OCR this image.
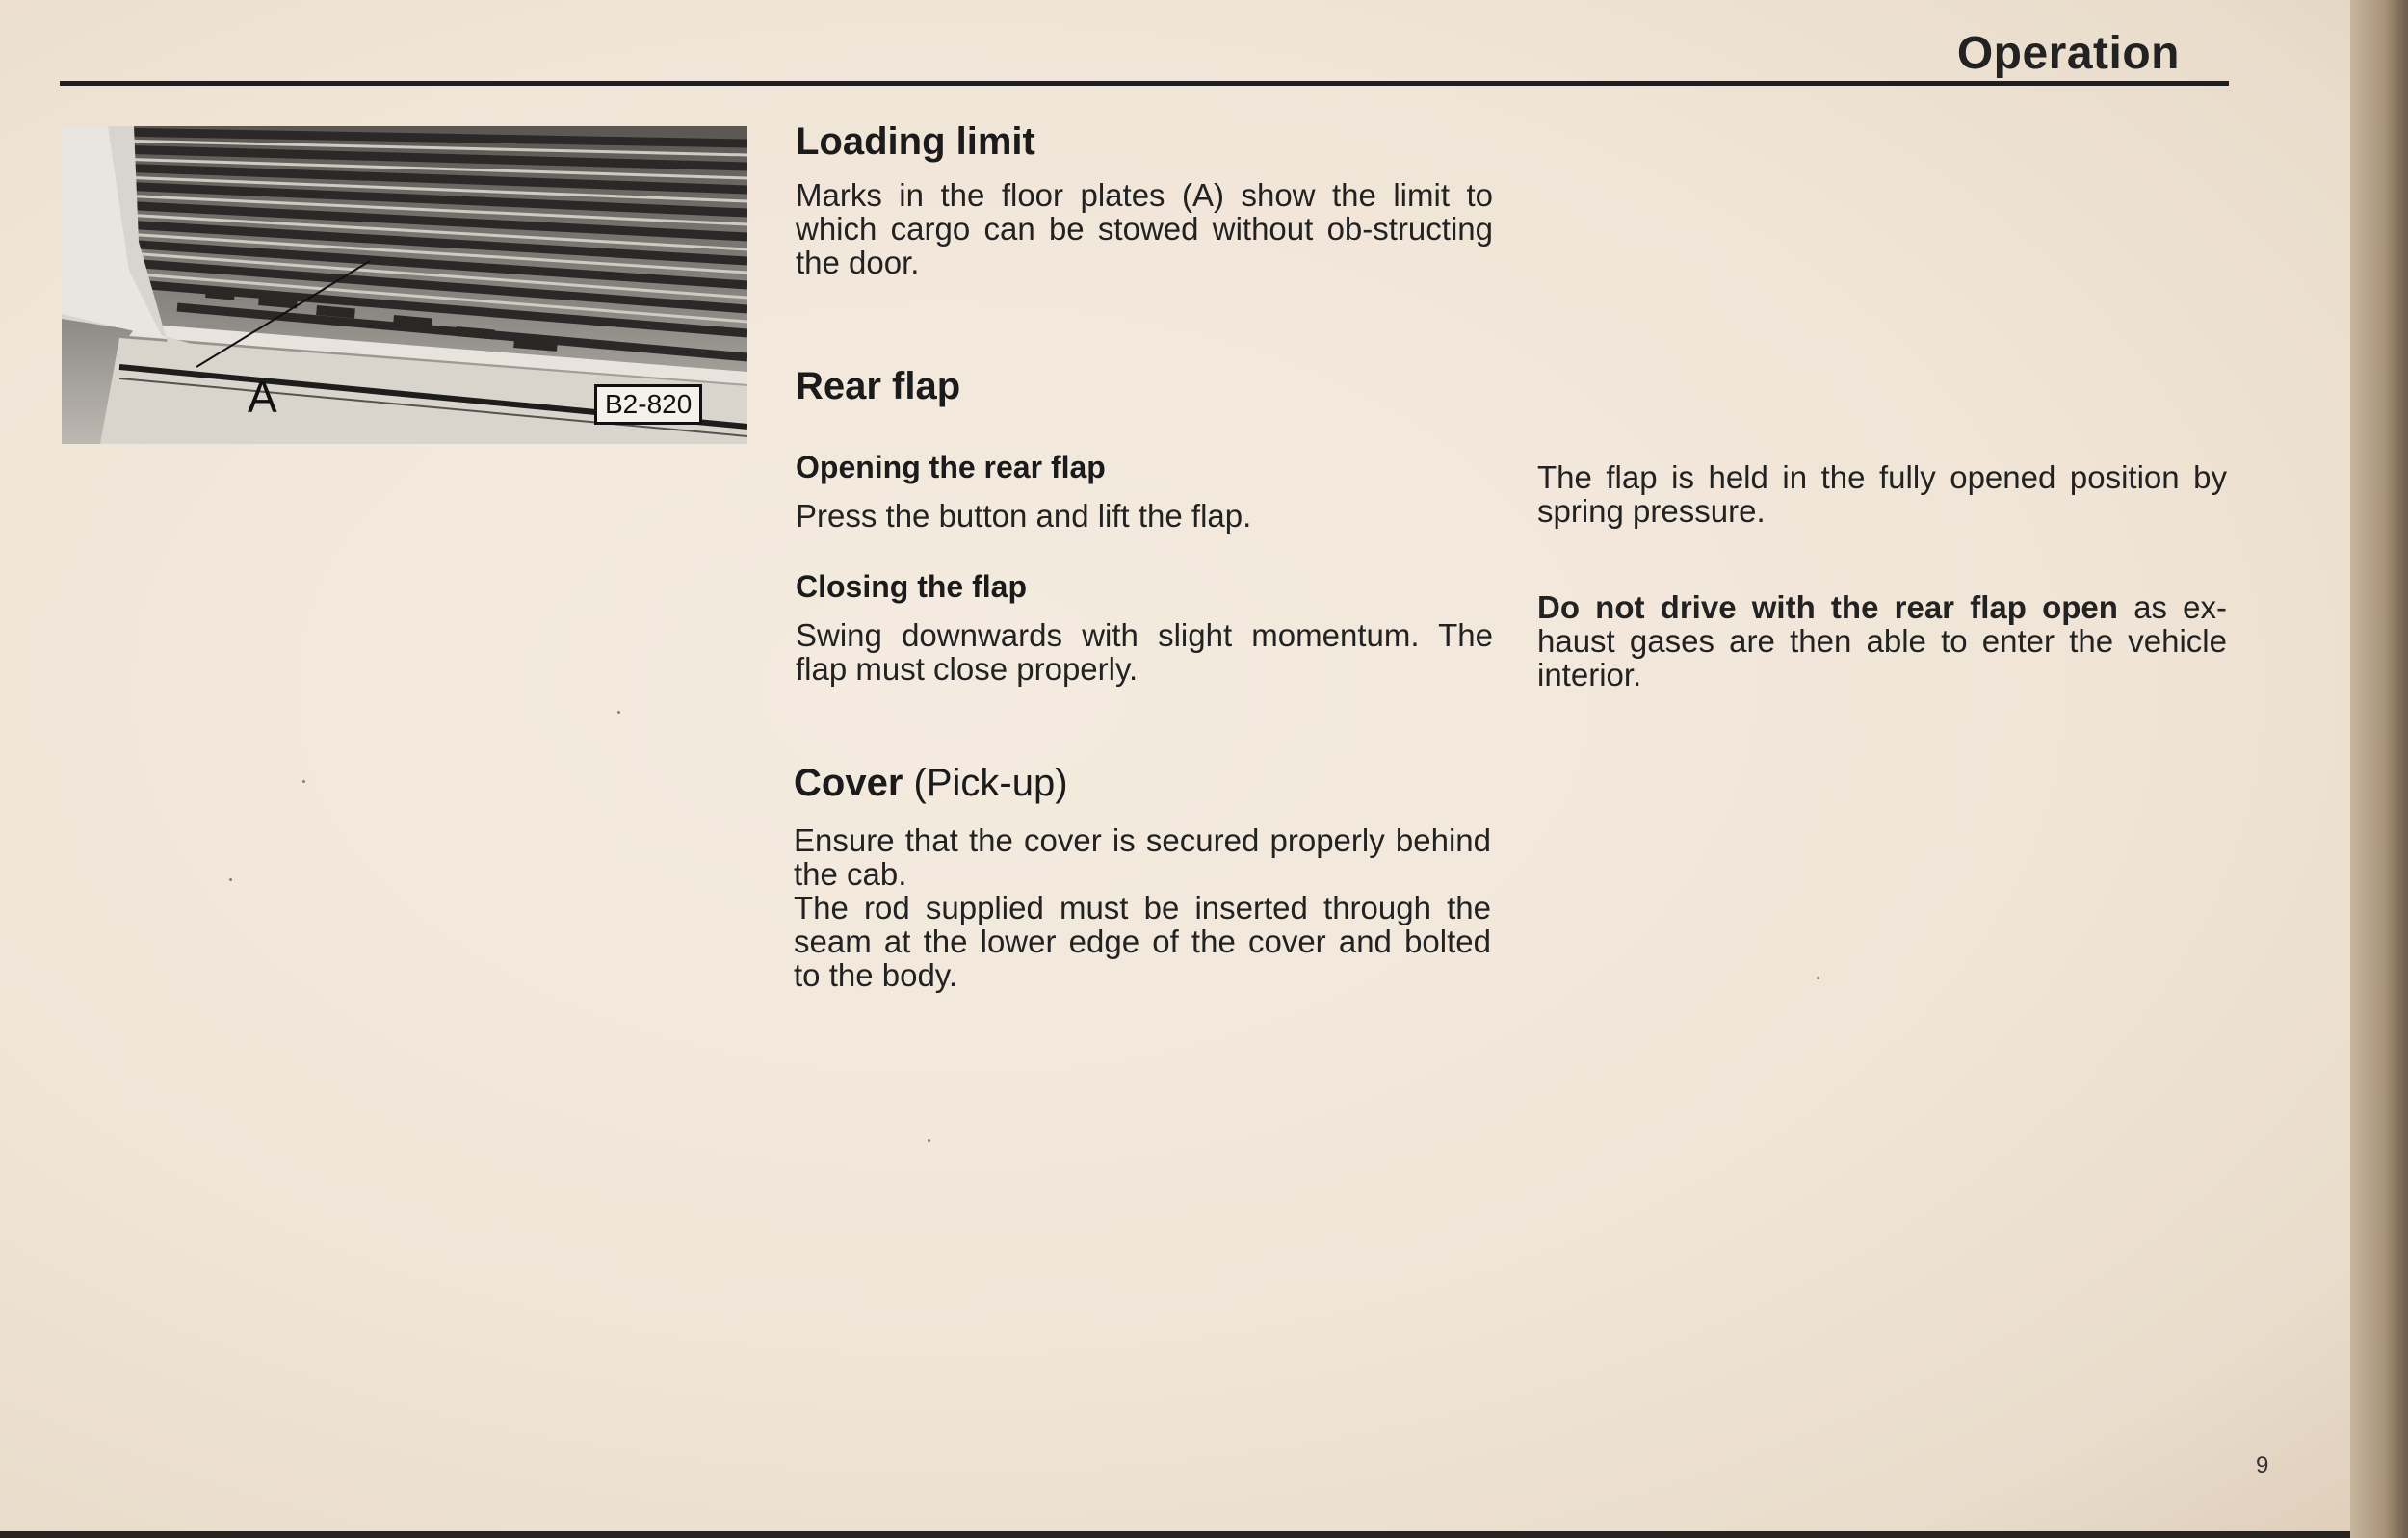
Operation
A	B2-820
Loading limit

Marks in the floor plates (A) show the limit to which cargo can be stowed without ob-structing the door.

Rear flap
Opening the rear flap

Press the button and lift the flap.

Closing the flap

Swing downwards with slight momentum. The flap must close properly.

Cover (Pick-up)

Ensure that the cover is secured properly behind the cab.

The rod supplied must be inserted through the seam at the lower edge of the cover and bolted to the body.

The flap is held in the fully opened position by spring pressure.

Do not drive with the rear flap open as ex-haust gases are then able to enter the vehicle interior.

9
